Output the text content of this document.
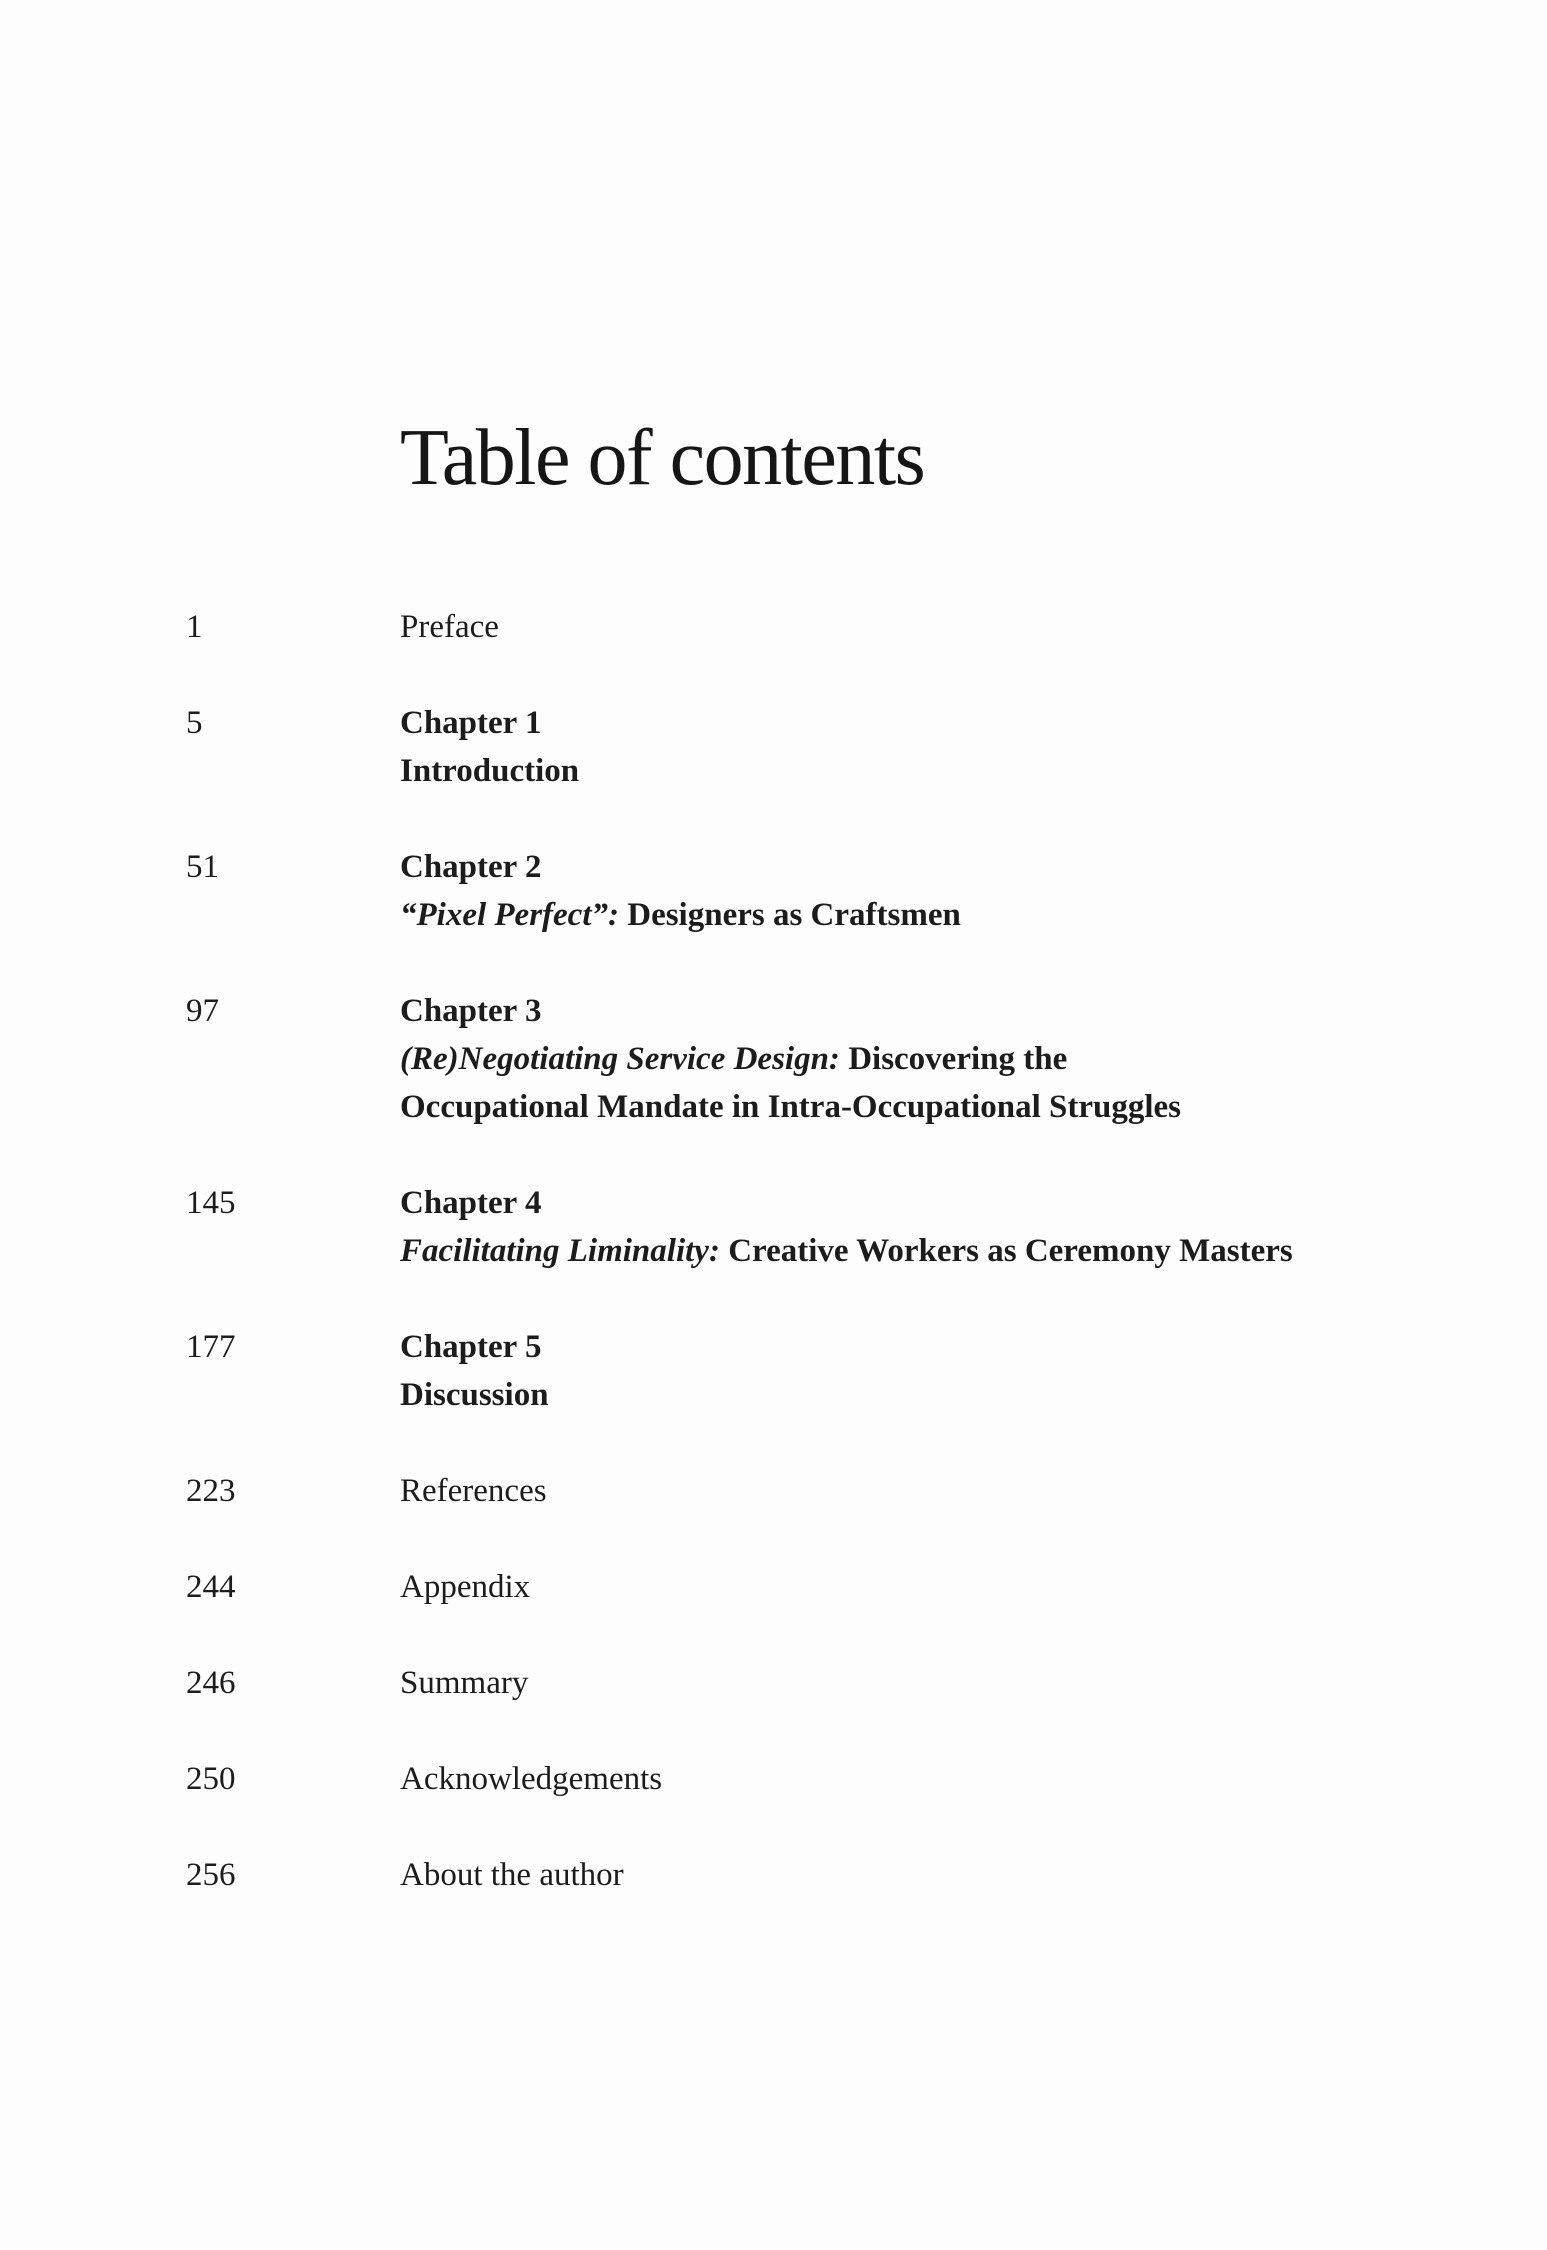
Table of contents
1	Preface
5	Chapter 1
Introduction
51	Chapter 2
“Pixel Perfect”: Designers as Craftsmen
97	Chapter 3
(Re)Negotiating Service Design: Discovering the
Occupational Mandate in Intra-Occupational Struggles
145	Chapter 4
Facilitating Liminality: Creative Workers as Ceremony Masters
177	Chapter 5
Discussion
223	References
244	Appendix
246	Summary
250	Acknowledgements
256	About the author
